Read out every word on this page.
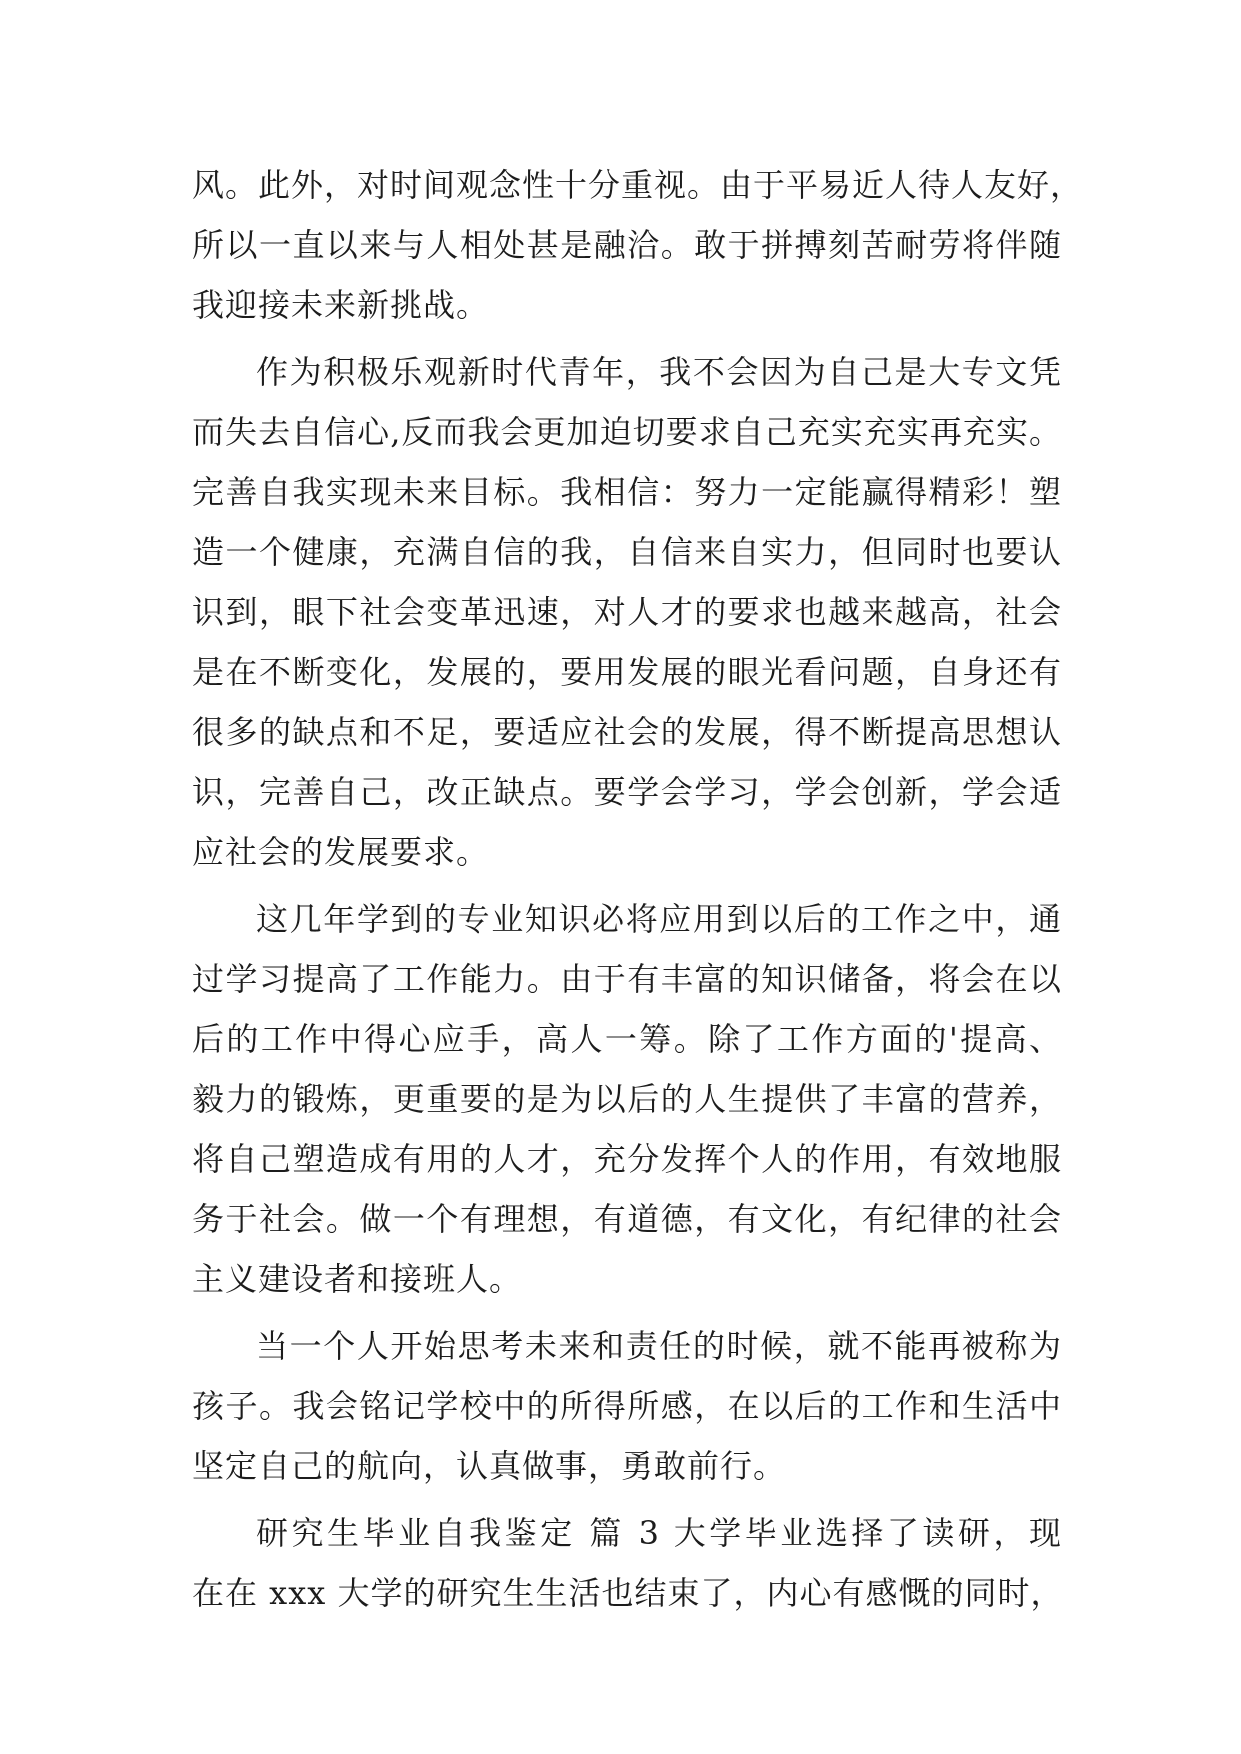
风。此外，对时间观念性十分重视。由于平易近人待人友好，
所以一直以来与人相处甚是融洽。敢于拼搏刻苦耐劳将伴随
我迎接未来新挑战。
作为积极乐观新时代青年，我不会因为自己是大专文凭
而失去自信心,反而我会更加迫切要求自己充实充实再充实。
完善自我实现未来目标。我相信：努力一定能赢得精彩！塑
造一个健康，充满自信的我，自信来自实力，但同时也要认
识到，眼下社会变革迅速，对人才的要求也越来越高，社会
是在不断变化，发展的，要用发展的眼光看问题，自身还有
很多的缺点和不足，要适应社会的发展，得不断提高思想认
识，完善自己，改正缺点。要学会学习，学会创新，学会适
应社会的发展要求。
这几年学到的专业知识必将应用到以后的工作之中，通
过学习提高了工作能力。由于有丰富的知识储备，将会在以
后的工作中得心应手，高人一筹。除了工作方面的'提高、
毅力的锻炼，更重要的是为以后的人生提供了丰富的营养，
将自己塑造成有用的人才，充分发挥个人的作用，有效地服
务于社会。做一个有理想，有道德，有文化，有纪律的社会
主义建设者和接班人。
当一个人开始思考未来和责任的时候，就不能再被称为
孩子。我会铭记学校中的所得所感，在以后的工作和生活中
坚定自己的航向，认真做事，勇敢前行。
研究生毕业自我鉴定 篇 3 大学毕业选择了读研，现
在在 xxx 大学的研究生生活也结束了，内心有感慨的同时，
